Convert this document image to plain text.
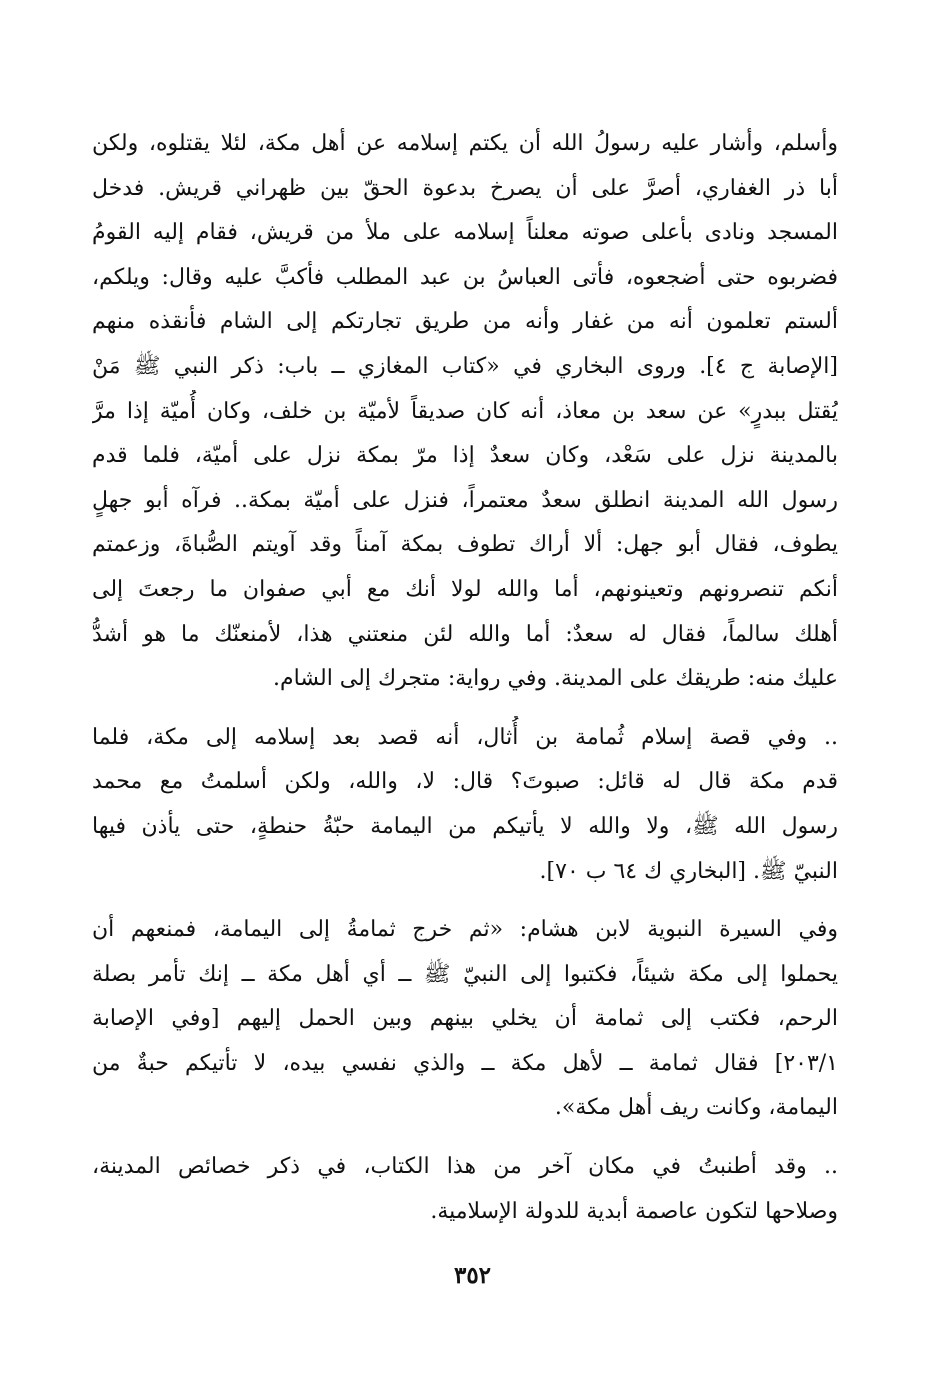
وأسلم، وأشار عليه رسولُ الله أن يكتم إسلامه عن أهل مكة، لئلا يقتلوه، ولكن
أبا ذر الغفاري، أصرَّ على أن يصرخ بدعوة الحقّ بين ظهراني قريش. فدخل
المسجد ونادى بأعلى صوته معلناً إسلامه على ملأ من قريش، فقام إليه القومُ
فضربوه حتى أضجعوه، فأتى العباسُ بن عبد المطلب فأكبَّ عليه وقال: ويلكم،
ألستم تعلمون أنه من غفار وأنه من طريق تجارتكم إلى الشام فأنقذه منهم
[الإصابة ج ٤]. وروى البخاري في «كتاب المغازي ــ باب: ذكر النبي ﷺ مَنْ
يُقتل ببدرٍ» عن سعد بن معاذ، أنه كان صديقاً لأميّة بن خلف، وكان أُميّة إذا مرَّ
بالمدينة نزل على سَعْد، وكان سعدٌ إذا مرّ بمكة نزل على أميّة، فلما قدم
رسول الله المدينة انطلق سعدٌ معتمراً، فنزل على أميّة بمكة.. فرآه أبو جهلٍ
يطوف، فقال أبو جهل: ألا أراك تطوف بمكة آمناً وقد آويتم الصُّباةَ، وزعمتم
أنكم تنصرونهم وتعينونهم، أما والله لولا أنك مع أبي صفوان ما رجعتَ إلى
أهلك سالماً، فقال له سعدٌ: أما والله لئن منعتني هذا، لأمنعنّك ما هو أشدُّ
عليك منه: طريقك على المدينة. وفي رواية: متجرك إلى الشام.
.. وفي قصة إسلام ثُمامة بن أُثال، أنه قصد بعد إسلامه إلى مكة، فلما
قدم مكة قال له قائل: صبوتَ؟ قال: لا، والله، ولكن أسلمتُ مع محمد
رسول الله ﷺ، ولا والله لا يأتيكم من اليمامة حبّةُ حنطةٍ، حتى يأذن فيها
النبيّ ﷺ. [البخاري ك ٦٤ ب ٧٠].
وفي السيرة النبوية لابن هشام: «ثم خرج ثمامةُ إلى اليمامة، فمنعهم أن
يحملوا إلى مكة شيئاً، فكتبوا إلى النبيّ ﷺ ــ أي أهل مكة ــ إنك تأمر بصلة
الرحم، فكتب إلى ثمامة أن يخلي بينهم وبين الحمل إليهم [وفي الإصابة
٢٠٣/١] فقال ثمامة ــ لأهل مكة ــ والذي نفسي بيده، لا تأتيكم حبةٌ من
اليمامة، وكانت ريف أهل مكة».
.. وقد أطنبتُ في مكان آخر من هذا الكتاب، في ذكر خصائص المدينة،
وصلاحها لتكون عاصمة أبدية للدولة الإسلامية.
٣٥٢
